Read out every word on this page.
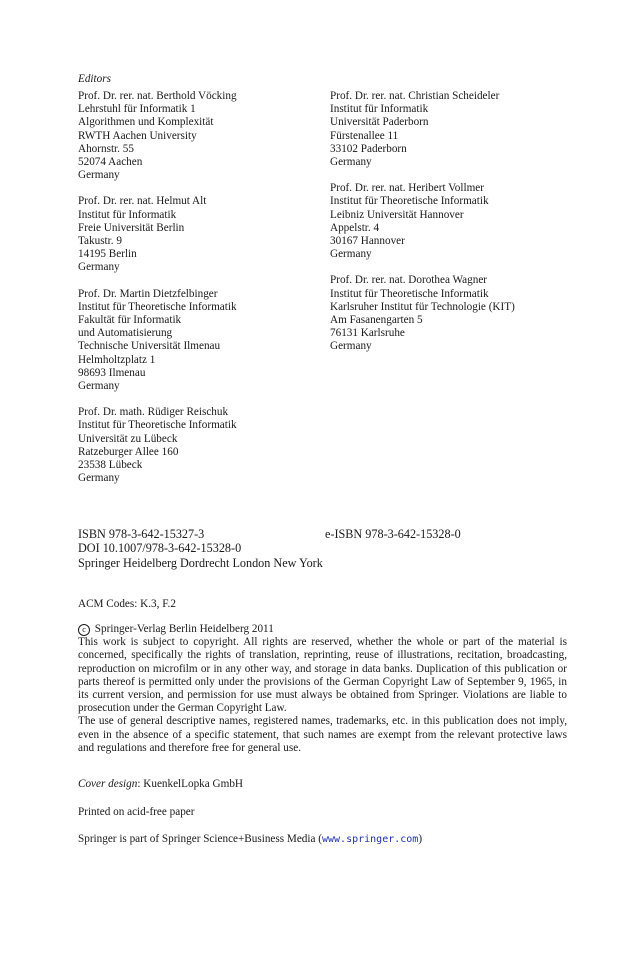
Editors
Prof. Dr. rer. nat. Berthold Vöcking
Lehrstuhl für Informatik 1
Algorithmen und Komplexität
RWTH Aachen University
Ahornstr. 55
52074 Aachen
Germany
Prof. Dr. rer. nat. Helmut Alt
Institut für Informatik
Freie Universität Berlin
Takustr. 9
14195 Berlin
Germany
Prof. Dr. Martin Dietzfelbinger
Institut für Theoretische Informatik
Fakultät für Informatik
und Automatisierung
Technische Universität Ilmenau
Helmholtzplatz 1
98693 Ilmenau
Germany
Prof. Dr. math. Rüdiger Reischuk
Institut für Theoretische Informatik
Universität zu Lübeck
Ratzeburger Allee 160
23538 Lübeck
Germany
Prof. Dr. rer. nat. Christian Scheideler
Institut für Informatik
Universität Paderborn
Fürstenallee 11
33102 Paderborn
Germany
Prof. Dr. rer. nat. Heribert Vollmer
Institut für Theoretische Informatik
Leibniz Universität Hannover
Appelstr. 4
30167 Hannover
Germany
Prof. Dr. rer. nat. Dorothea Wagner
Institut für Theoretische Informatik
Karlsruher Institut für Technologie (KIT)
Am Fasanengarten 5
76131 Karlsruhe
Germany
ISBN 978-3-642-15327-3	e-ISBN 978-3-642-15328-0
DOI 10.1007/978-3-642-15328-0
Springer Heidelberg Dordrecht London New York
ACM Codes: K.3, F.2
c Springer-Verlag Berlin Heidelberg 2011

This work is subject to copyright. All rights are reserved, whether the whole or part of the material is concerned, specifically the rights of translation, reprinting, reuse of illustrations, recitation, broadcasting, reproduction on microfilm or in any other way, and storage in data banks. Duplication of this publication or parts thereof is permitted only under the provisions of the German Copyright Law of September 9, 1965, in its current version, and permission for use must always be obtained from Springer. Violations are liable to prosecution under the German Copyright Law.

The use of general descriptive names, registered names, trademarks, etc. in this publication does not imply, even in the absence of a specific statement, that such names are exempt from the relevant protective laws and regulations and therefore free for general use.

Cover design: KuenkelLopka GmbH
Printed on acid-free paper
Springer is part of Springer Science+Business Media (www.springer.com)
